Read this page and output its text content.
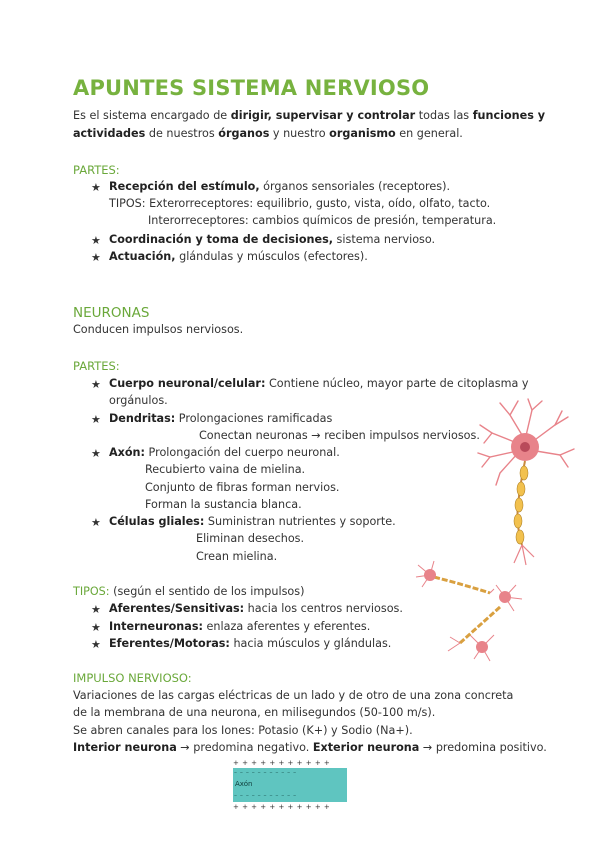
APUNTES SISTEMA NERVIOSO
Es el sistema encargado de dirigir, supervisar y controlar todas las funciones y
actividades de nuestros órganos y nuestro organismo en general.
PARTES:
★ Recepción del estímulo, órganos sensoriales (receptores).
TIPOS: Exterorreceptores: equilibrio, gusto, vista, oído, olfato, tacto.
Interorreceptores: cambios químicos de presión, temperatura.
★ Coordinación y toma de decisiones, sistema nervioso.
★ Actuación, glándulas y músculos (efectores).
NEURONAS
Conducen impulsos nerviosos.
PARTES:
★ Cuerpo neuronal/celular: Contiene núcleo, mayor parte de citoplasma y
orgánulos.
★ Dendritas: Prolongaciones ramificadas
Conectan neuronas → reciben impulsos nerviosos.
★ Axón: Prolongación del cuerpo neuronal.
Recubierto vaina de mielina.
Conjunto de fibras forman nervios.
Forman la sustancia blanca.
★ Células gliales: Suministran nutrientes y soporte.
Eliminan desechos.
Crean mielina.
TIPOS: (según el sentido de los impulsos)
★ Aferentes/Sensitivas: hacia los centros nerviosos.
★ Interneuronas: enlaza aferentes y eferentes.
★ Eferentes/Motoras: hacia músculos y glándulas.
IMPULSO NERVIOSO:
Variaciones de las cargas eléctricas de un lado y de otro de una zona concreta
de la membrana de una neurona, en milisegundos (50-100 m/s).
Se abren canales para los Iones: Potasio (K+) y Sodio (Na+).
Interior neurona → predomina negativo. Exterior neurona → predomina positivo.
+ + + + + + + + + + +
– – – – – – – – – – –
Axón
– – – – – – – – – – –
+ + + + + + + + + + +
